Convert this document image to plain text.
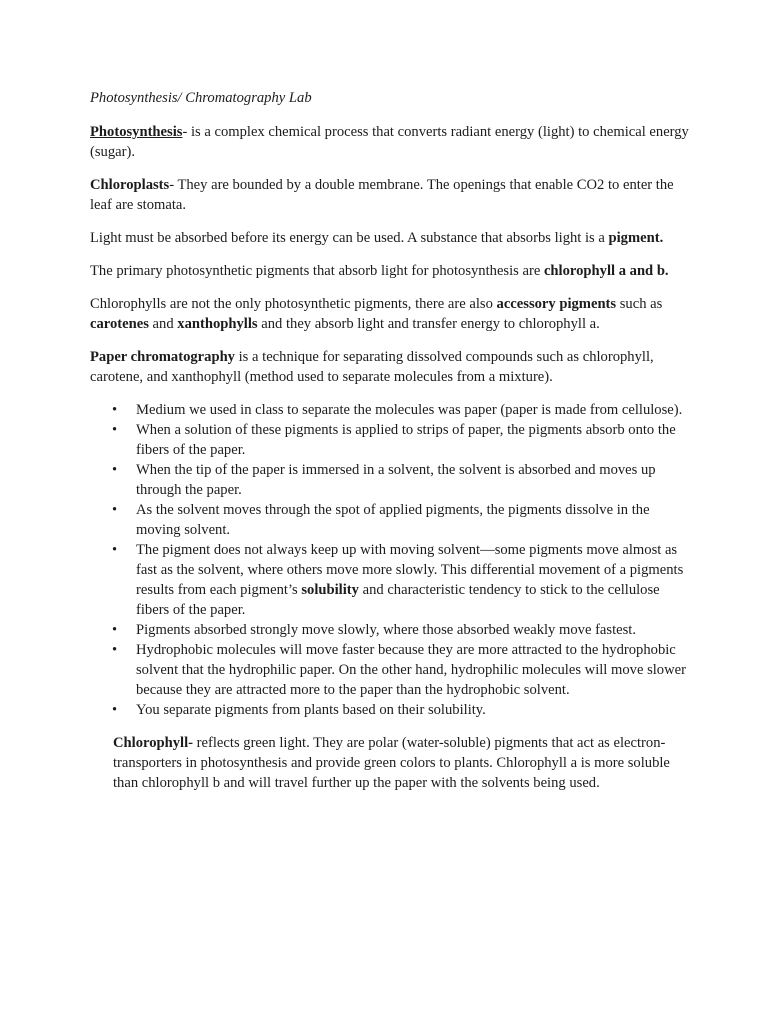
Photosynthesis/ Chromatography Lab

Photosynthesis- is a complex chemical process that converts radiant energy (light) to chemical energy (sugar).

Chloroplasts- They are bounded by a double membrane. The openings that enable CO2 to enter the leaf are stomata.

Light must be absorbed before its energy can be used. A substance that absorbs light is a pigment.

The primary photosynthetic pigments that absorb light for photosynthesis are chlorophyll a and b.

Chlorophylls are not the only photosynthetic pigments, there are also accessory pigments such as carotenes and xanthophylls and they absorb light and transfer energy to chlorophyll a.

Paper chromatography is a technique for separating dissolved compounds such as chlorophyll, carotene, and xanthophyll (method used to separate molecules from a mixture).

• Medium we used in class to separate the molecules was paper (paper is made from cellulose).
• When a solution of these pigments is applied to strips of paper, the pigments absorb onto the fibers of the paper.
• When the tip of the paper is immersed in a solvent, the solvent is absorbed and moves up through the paper.
• As the solvent moves through the spot of applied pigments, the pigments dissolve in the moving solvent.
• The pigment does not always keep up with moving solvent—some pigments move almost as fast as the solvent, where others move more slowly. This differential movement of a pigments results from each pigment’s solubility and characteristic tendency to stick to the cellulose fibers of the paper.
• Pigments absorbed strongly move slowly, where those absorbed weakly move fastest.
• Hydrophobic molecules will move faster because they are more attracted to the hydrophobic solvent that the hydrophilic paper. On the other hand, hydrophilic molecules will move slower because they are attracted more to the paper than the hydrophobic solvent.
• You separate pigments from plants based on their solubility.

Chlorophyll- reflects green light. They are polar (water-soluble) pigments that act as electron-transporters in photosynthesis and provide green colors to plants. Chlorophyll a is more soluble than chlorophyll b and will travel further up the paper with the solvents being used.
